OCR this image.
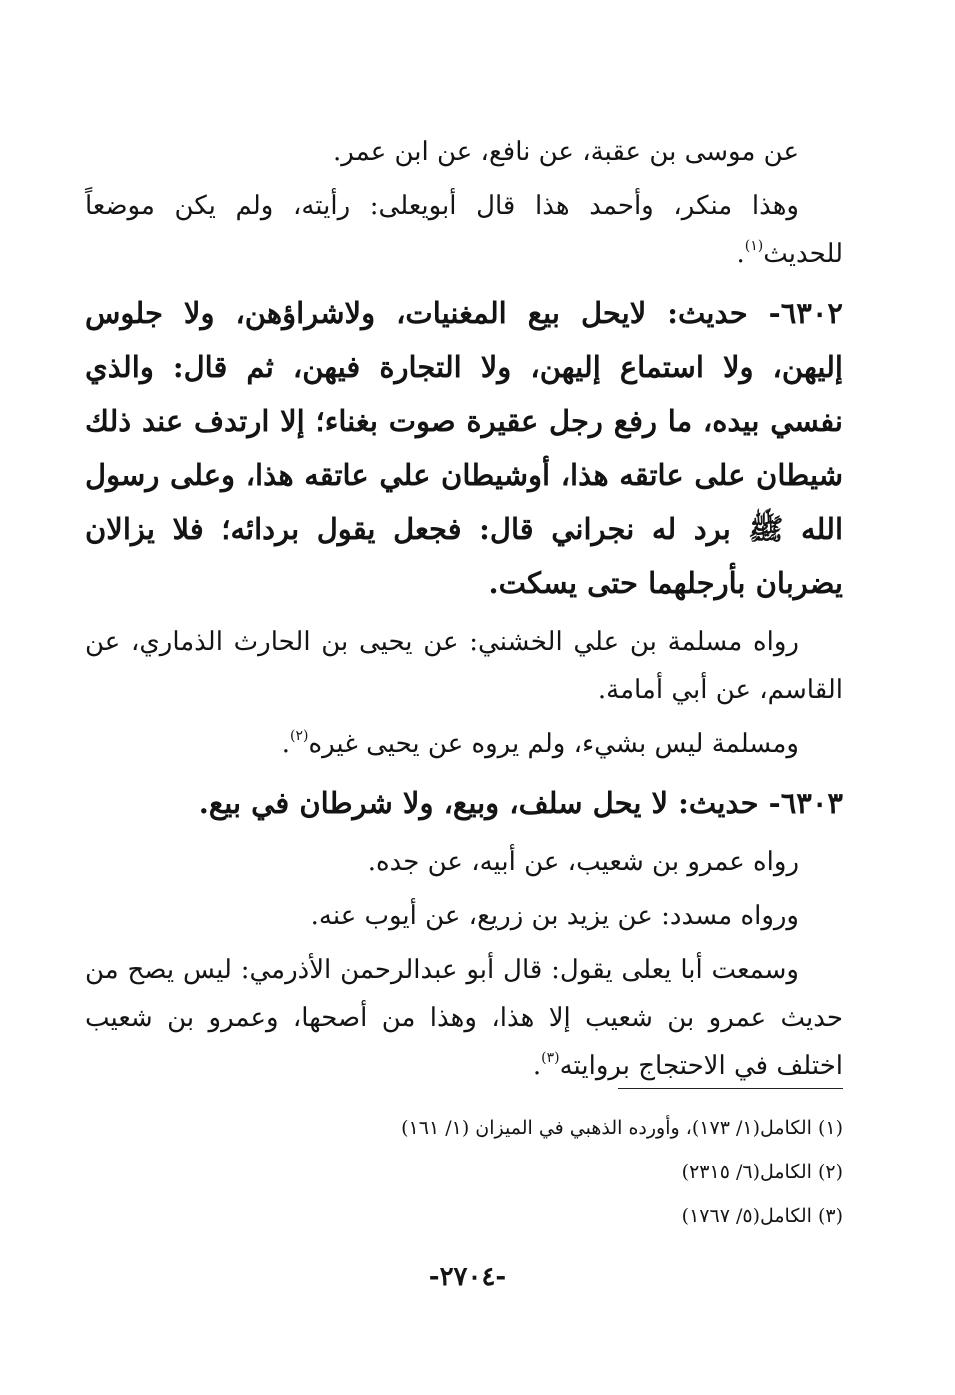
عن موسى بن عقبة، عن نافع، عن ابن عمر.

وهذا منكر، وأحمد هذا قال أبويعلى: رأيته، ولم يكن موضعاً للحديث$^{(١)}$.

٦٣٠٢- حديث: لايحل بيع المغنيات، ولاشراؤهن، ولا جلوس إليهن، ولا استماع إليهن، ولا التجارة فيهن، ثم قال: والذي نفسي بيده، ما رفع رجل عقيرة صوت بغناء؛ إلا ارتدف عند ذلك شيطان على عاتقه هذا، أوشيطان علي عاتقه هذا، وعلى رسول الله ﷺ برد له نجراني قال: فجعل يقول بردائه؛ فلا يزالان يضربان بأرجلهما حتى يسكت.

رواه مسلمة بن علي الخشني: عن يحيى بن الحارث الذماري، عن القاسم، عن أبي أمامة.

ومسلمة ليس بشيء، ولم يروه عن يحيى غيره$^{(٢)}$.

٦٣٠٣- حديث: لا يحل سلف، وبيع، ولا شرطان في بيع.

رواه عمرو بن شعيب، عن أبيه، عن جده.

ورواه مسدد: عن يزيد بن زريع، عن أيوب عنه.

وسمعت أبا يعلى يقول: قال أبو عبدالرحمن الأذرمي: ليس يصح من حديث عمرو بن شعيب إلا هذا، وهذا من أصحها، وعمرو بن شعيب اختلف في الاحتجاج بروايته$^{(٣)}$.

(١) الكامل(١/ ١٧٣)، وأورده الذهبي في الميزان (١/ ١٦١)
(٢) الكامل(٦/ ٢٣١٥)
(٣) الكامل(٥/ ١٧٦٧)
-٢٧٠٤-
